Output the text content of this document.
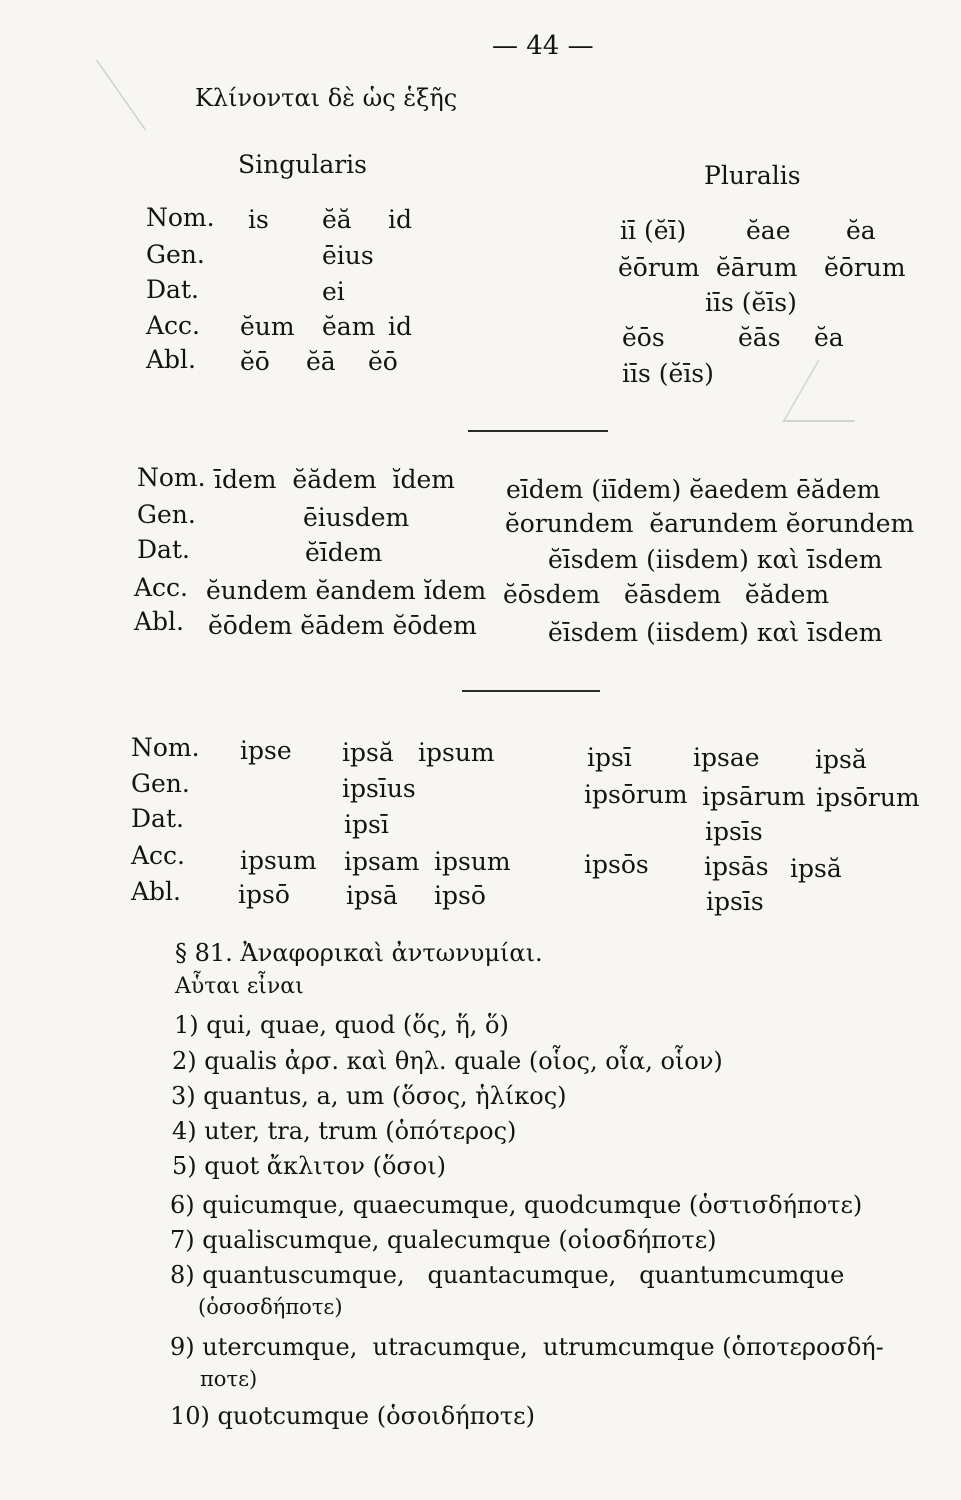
— 44 —
Κλίνονται δὲ ὡς ἑξῆς
Singularis	Pluralis
Nom.
Gen.
Dat.
Acc.
Abl.
is ĕă id
ēius
ei
ĕum ĕam id
ĕō ĕā ĕō
iī (ĕī) ĕae ĕa
ĕōrum ĕārum ĕōrum
iīs (ĕīs)
ĕōs	ĕās ĕa
iīs (ĕīs)
Nom.
Gen.
Dat.
Acc.
Abl.
īdem  ĕădem  ĭdem
ēiusdem
ĕīdem
ĕundem ĕandem ĭdem
ĕōdem ĕādem ĕōdem
eīdem (iīdem) ĕaedem ēădem
ĕorundem  ĕarundem ĕorundem
ĕīsdem (iisdem) καὶ īsdem
ĕōsdem   ĕāsdem   ĕădem
ĕīsdem (iisdem) καὶ īsdem
Nom.
Gen.
Dat.
Acc.
Abl.
ipse ipsă ipsum
ipsīus
ipsī
ipsum ipsam ipsum
ipsō ipsā ipsō
ipsī ipsae ipsă
ipsōrum ipsārum ipsōrum
ipsīs
ipsōs ipsās ipsă
ipsīs
§ 81. Ἀναφορικαὶ ἀντωνυμίαι.
Αὗται εἶναι
1) qui, quae, quod (ὅς, ἥ, ὅ)
2) qualis ἀρσ. καὶ θηλ. quale (οἷος, οἷα, οἷον)
3) quantus, a, um (ὅσος, ἡλίκος)
4) uter, tra, trum (ὁπότερος)
5) quot ἄκλιτον (ὅσοι)
6) quicumque, quaecumque, quodcumque (ὁστισδήποτε)
7) qualiscumque, qualecumque (οἱοσδήποτε)
8) quantuscumque,   quantacumque,   quantumcumque
(ὁσοσδήποτε)
9) utercumque,  utracumque,  utrumcumque (ὁποτεροσδή-
ποτε)
10) quotcumque (ὁσοιδήποτε)
